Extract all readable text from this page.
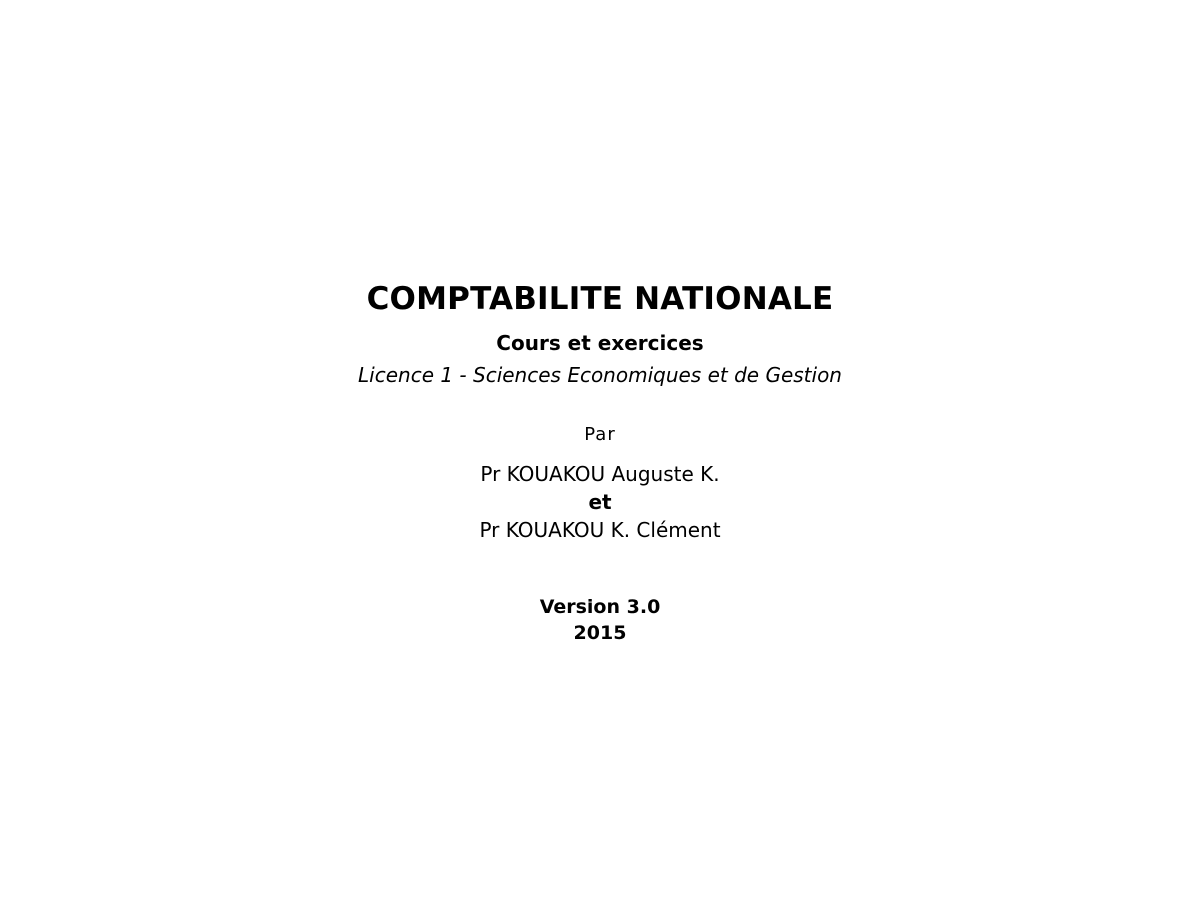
COMPTABILITE NATIONALE
Cours et exercices
Licence 1 - Sciences Economiques et de Gestion
Par
Pr KOUAKOU Auguste K.
et
Pr KOUAKOU K. Clément
Version 3.0
2015
